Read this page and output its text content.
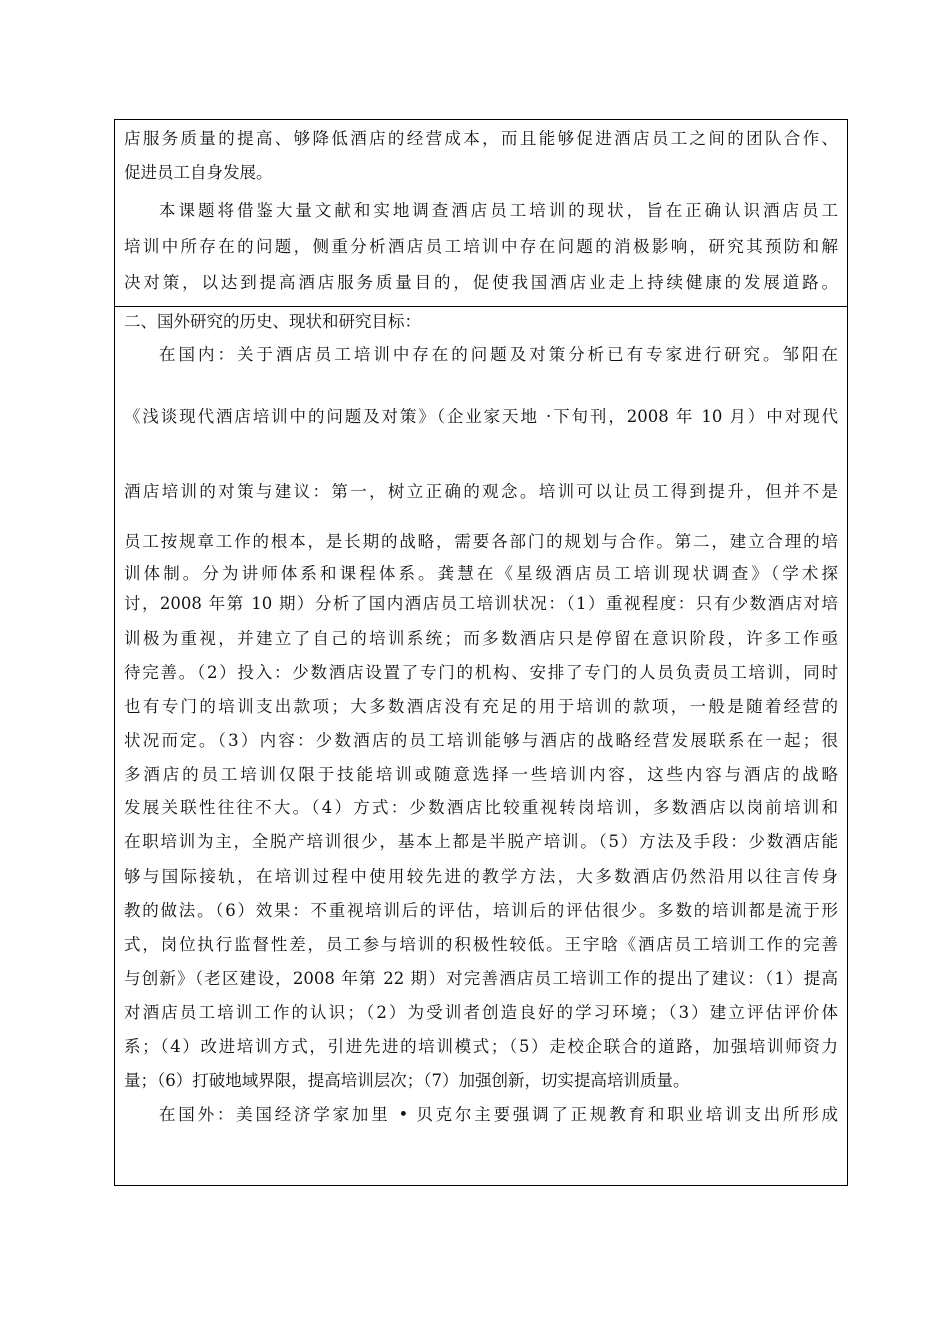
店服务质量的提高、够降低酒店的经营成本，而且能够促进酒店员工之间的团队合作、
促进员工自身发展。
本课题将借鉴大量文献和实地调查酒店员工培训的现状，旨在正确认识酒店员工
培训中所存在的问题，侧重分析酒店员工培训中存在问题的消极影响，研究其预防和解
决对策，以达到提高酒店服务质量目的，促使我国酒店业走上持续健康的发展道路。
二、国外研究的历史、现状和研究目标：
在国内：关于酒店员工培训中存在的问题及对策分析已有专家进行研究。邹阳在
《浅谈现代酒店培训中的问题及对策》（企业家天地 ·下旬刊，2008 年 10 月）中对现代
酒店培训的对策与建议：第一，树立正确的观念。培训可以让员工得到提升，但并不是
员工按规章工作的根本，是长期的战略，需要各部门的规划与合作。第二，建立合理的培
训体制。分为讲师体系和课程体系。龚慧在《星级酒店员工培训现状调查》（学术探
讨，2008 年第 10 期）分析了国内酒店员工培训状况：（1）重视程度：只有少数酒店对培
训极为重视，并建立了自己的培训系统；而多数酒店只是停留在意识阶段，许多工作亟
待完善。（2）投入：少数酒店设置了专门的机构、安排了专门的人员负责员工培训，同时
也有专门的培训支出款项；大多数酒店没有充足的用于培训的款项，一般是随着经营的
状况而定。（3）内容：少数酒店的员工培训能够与酒店的战略经营发展联系在一起；很
多酒店的员工培训仅限于技能培训或随意选择一些培训内容，这些内容与酒店的战略
发展关联性往往不大。（4）方式：少数酒店比较重视转岗培训，多数酒店以岗前培训和
在职培训为主，全脱产培训很少，基本上都是半脱产培训。（5）方法及手段：少数酒店能
够与国际接轨，在培训过程中使用较先进的教学方法，大多数酒店仍然沿用以往言传身
教的做法。（6）效果：不重视培训后的评估，培训后的评估很少。多数的培训都是流于形
式，岗位执行监督性差，员工参与培训的积极性较低。王宇晗《酒店员工培训工作的完善
与创新》（老区建设，2008 年第 22 期）对完善酒店员工培训工作的提出了建议：（1）提高
对酒店员工培训工作的认识；（2）为受训者创造良好的学习环境；（3）建立评估评价体
系；（4）改进培训方式，引进先进的培训模式；（5）走校企联合的道路，加强培训师资力
量；（6）打破地域界限，提高培训层次；（7）加强创新，切实提高培训质量。
在国外：美国经济学家加里 • 贝克尔主要强调了正规教育和职业培训支出所形成
